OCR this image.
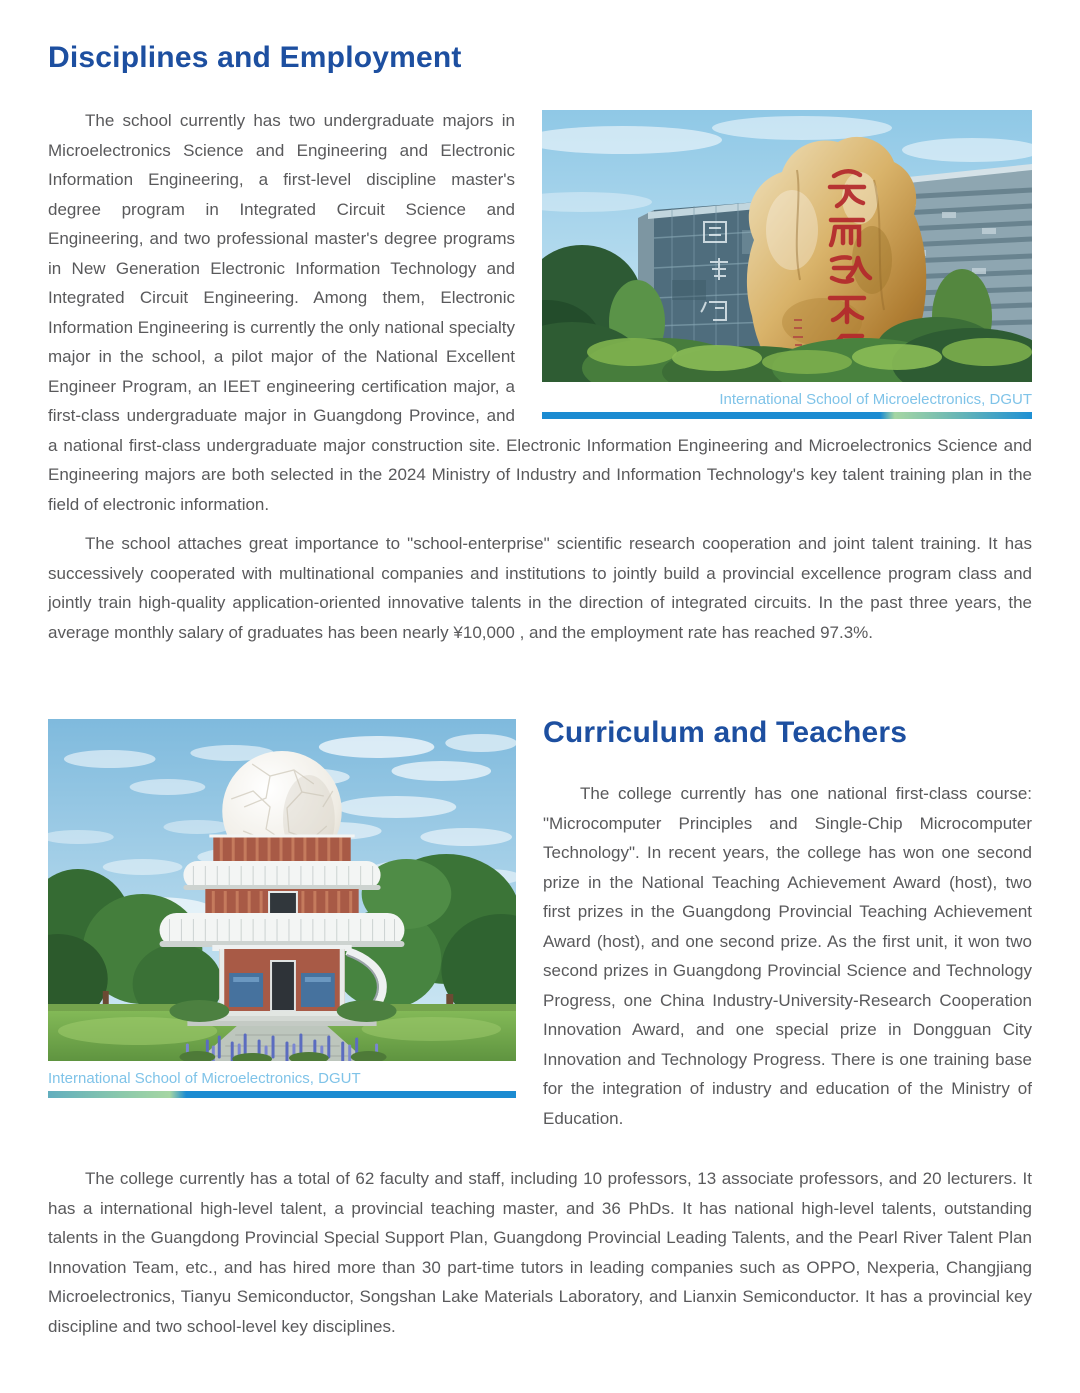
Disciplines and Employment
International School of Microelectronics, DGUT

The school currently has two undergraduate majors in Microelectronics Science and Engineering and Electronic Information Engineering, a first-level discipline master's degree program in Integrated Circuit Science and Engineering, and two professional master's degree programs in New Generation Electronic Information Technology and Integrated Circuit Engineering. Among them, Electronic Information Engineering is currently the only national specialty major in the school, a pilot major of the National Excellent Engineer Program, an IEET engineering certification major, a first-class undergraduate major in Guangdong Province, and a national first-class undergraduate major construction site. Electronic Information Engineering and Microelectronics Science and Engineering majors are both selected in the 2024 Ministry of Industry and Information Technology's key talent training plan in the field of electronic information.

The school attaches great importance to "school-enterprise" scientific research cooperation and joint talent training. It has successively cooperated with multinational companies and institutions to jointly build a provincial excellence program class and jointly train high-quality application-oriented innovative talents in the direction of integrated circuits. In the past three years, the average monthly salary of graduates has been nearly ¥10,000 , and the employment rate has reached 97.3%.

International School of Microelectronics, DGUT
Curriculum and Teachers

The college currently has one national first-class course: "Microcomputer Principles and Single-Chip Microcomputer Technology". In recent years, the college has won one second prize in the National Teaching Achievement Award (host), two first prizes in the Guangdong Provincial Teaching Achievement Award (host), and one second prize. As the first unit, it won two second prizes in Guangdong Provincial Science and Technology Progress, one China Industry-University-Research Cooperation Innovation Award, and one special prize in Dongguan City Innovation and Technology Progress. There is one training base for the integration of industry and education of the Ministry of Education.

The college currently has a total of 62 faculty and staff, including 10 professors, 13 associate professors, and 20 lecturers. It has a international high-level talent, a provincial teaching master, and 36 PhDs. It has national high-level talents, outstanding talents in the Guangdong Provincial Special Support Plan, Guangdong Provincial Leading Talents, and the Pearl River Talent Plan Innovation Team, etc., and has hired more than 30 part-time tutors in leading companies such as OPPO, Nexperia, Changjiang Microelectronics, Tianyu Semiconductor, Songshan Lake Materials Laboratory, and Lianxin Semiconductor. It has a provincial key discipline and two school-level key disciplines.
